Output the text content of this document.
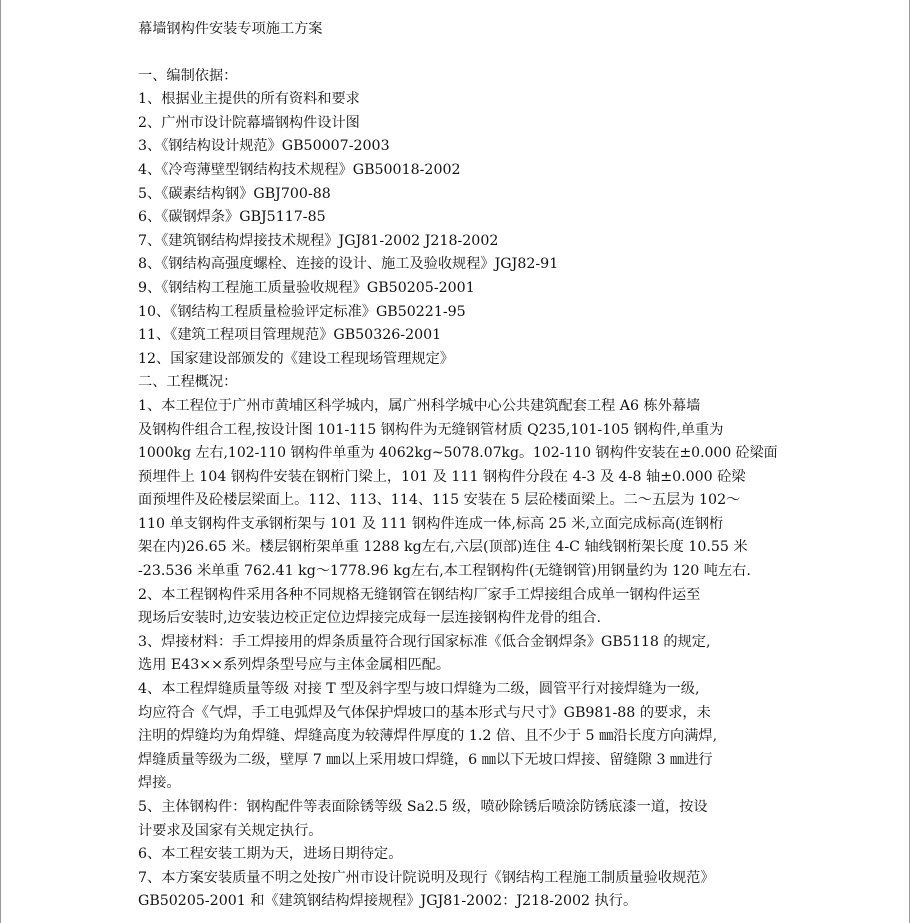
幕墙钢构件安装专项施工方案
一、编制依据：
1、根据业主提供的所有资料和要求
2、广州市设计院幕墙钢构件设计图
3、《钢结构设计规范》GB50007-2003
4、《冷弯薄壁型钢结构技术规程》GB50018-2002
5、《碳素结构钢》GBJ700-88
6、《碳钢焊条》GBJ5117-85
7、《建筑钢结构焊接技术规程》JGJ81-2002 J218-2002
8、《钢结构高强度螺栓、连接的设计、施工及验收规程》JGJ82-91
9、《钢结构工程施工质量验收规程》GB50205-2001
10、《钢结构工程质量检验评定标准》GB50221-95
11、《建筑工程项目管理规范》GB50326-2001
12、国家建设部颁发的《建设工程现场管理规定》
二、工程概况：
1、本工程位于广州市黄埔区科学城内，属广州科学城中心公共建筑配套工程 A6 栋外幕墙
及钢构件组合工程,按设计图 101-115 钢构件为无缝钢管材质 Q235,101-105 钢构件,单重为
1000kg 左右,102-110 钢构件单重为 4062kg~5078.07kg。102-110 钢构件安装在±0.000 砼梁面
预埋件上 104 钢构件安装在钢桁门梁上，101 及 111 钢构件分段在 4-3 及 4-8 轴±0.000 砼梁
面预埋件及砼楼层梁面上。112、113、114、115 安装在 5 层砼楼面梁上。二～五层为 102～
110 单支钢构件支承钢桁架与 101 及 111 钢构件连成一体,标高 25 米,立面完成标高(连钢桁
架在内)26.65 米。楼层钢桁架单重 1288 kg左右,六层(顶部)连住 4-C 轴线钢桁架长度 10.55 米
-23.536 米单重 762.41 kg～1778.96 kg左右,本工程钢构件(无缝钢管)用钢量约为 120 吨左右.
2、本工程钢构件采用各种不同规格无缝钢管在钢结构厂家手工焊接组合成单一钢构件运至
现场后安装时,边安装边校正定位边焊接完成每一层连接钢构件龙骨的组合.
3、焊接材料：手工焊接用的焊条质量符合现行国家标准《低合金钢焊条》GB5118 的规定,
选用 E43××系列焊条型号应与主体金属相匹配。
4、本工程焊缝质量等级 对接 T 型及斜字型与坡口焊缝为二级，圆管平行对接焊缝为一级,
均应符合《气焊，手工电弧焊及气体保护焊坡口的基本形式与尺寸》GB981-88 的要求，未
注明的焊缝均为角焊缝、焊缝高度为较薄焊件厚度的 1.2 倍、且不少于 5 ㎜沿长度方向满焊,
焊缝质量等级为二级，壁厚 7 ㎜以上采用坡口焊缝，6 ㎜以下无坡口焊接、留缝隙 3 ㎜进行
焊接。
5、主体钢构件：钢构配件等表面除锈等级 Sa2.5 级，喷砂除锈后喷涂防锈底漆一道，按设
计要求及国家有关规定执行。
6、本工程安装工期为天，进场日期待定。
7、本方案安装质量不明之处按广州市设计院说明及现行《钢结构工程施工制质量验收规范》
GB50205-2001 和《建筑钢结构焊接规程》JGJ81-2002：J218-2002 执行。
